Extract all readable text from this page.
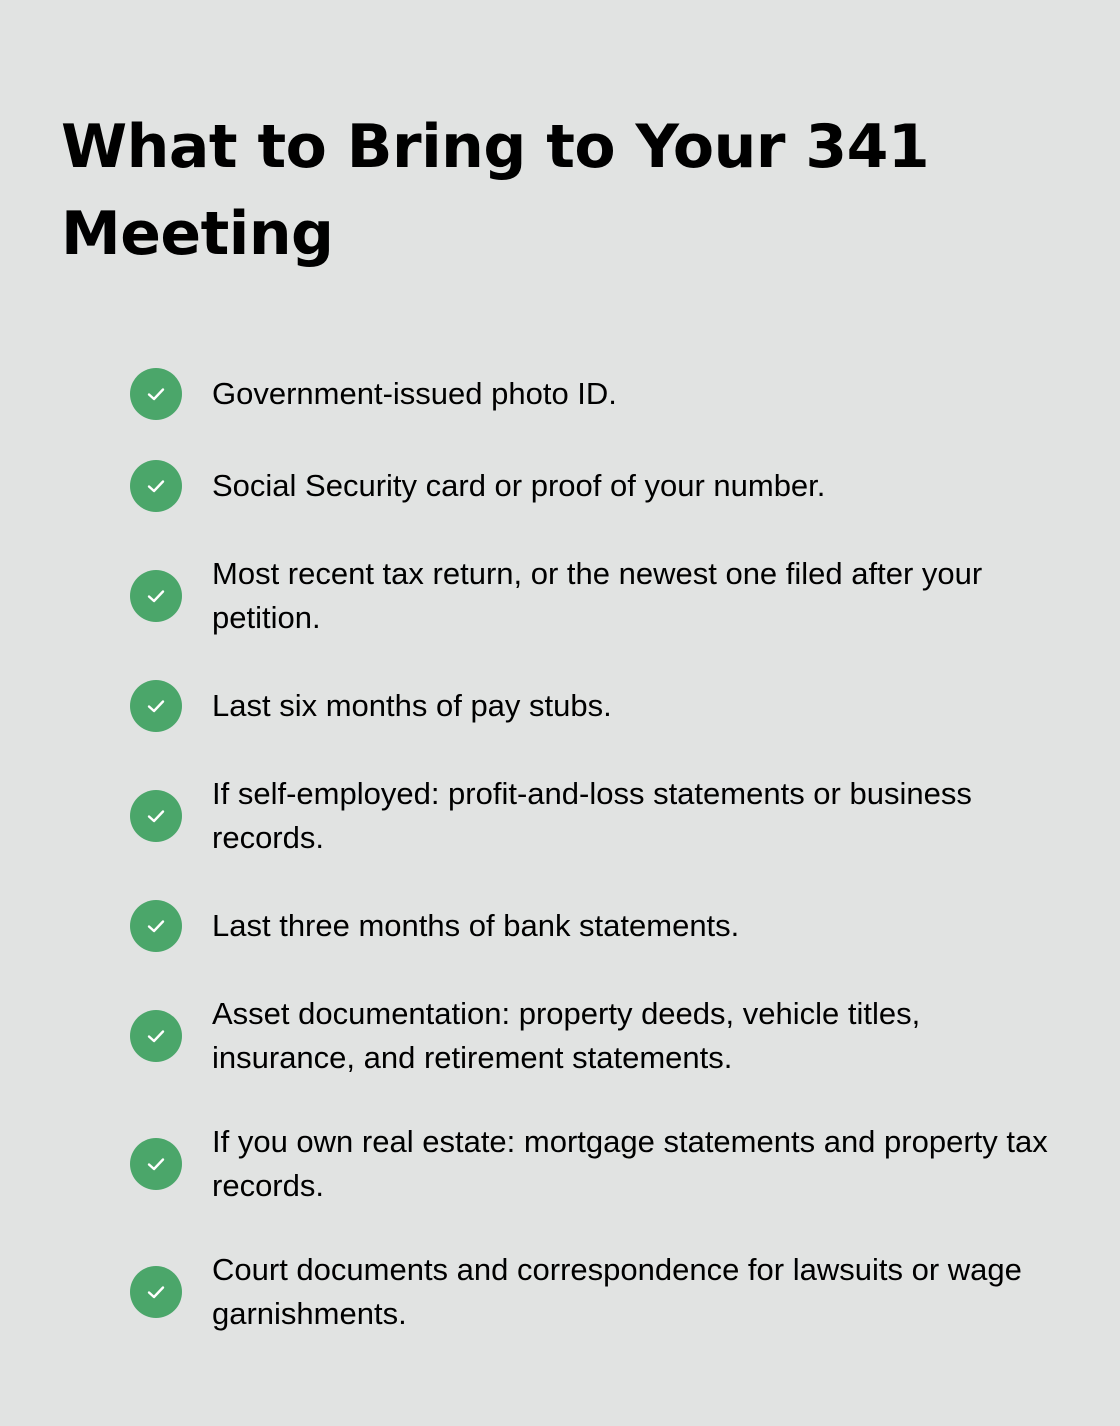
What to Bring to Your 341 Meeting
Government-issued photo ID.
Social Security card or proof of your number.
Most recent tax return, or the newest one filed after your petition.
Last six months of pay stubs.
If self-employed: profit-and-loss statements or business records.
Last three months of bank statements.
Asset documentation: property deeds, vehicle titles, insurance, and retirement statements.
If you own real estate: mortgage statements and property tax records.
Court documents and correspondence for lawsuits or wage garnishments.
